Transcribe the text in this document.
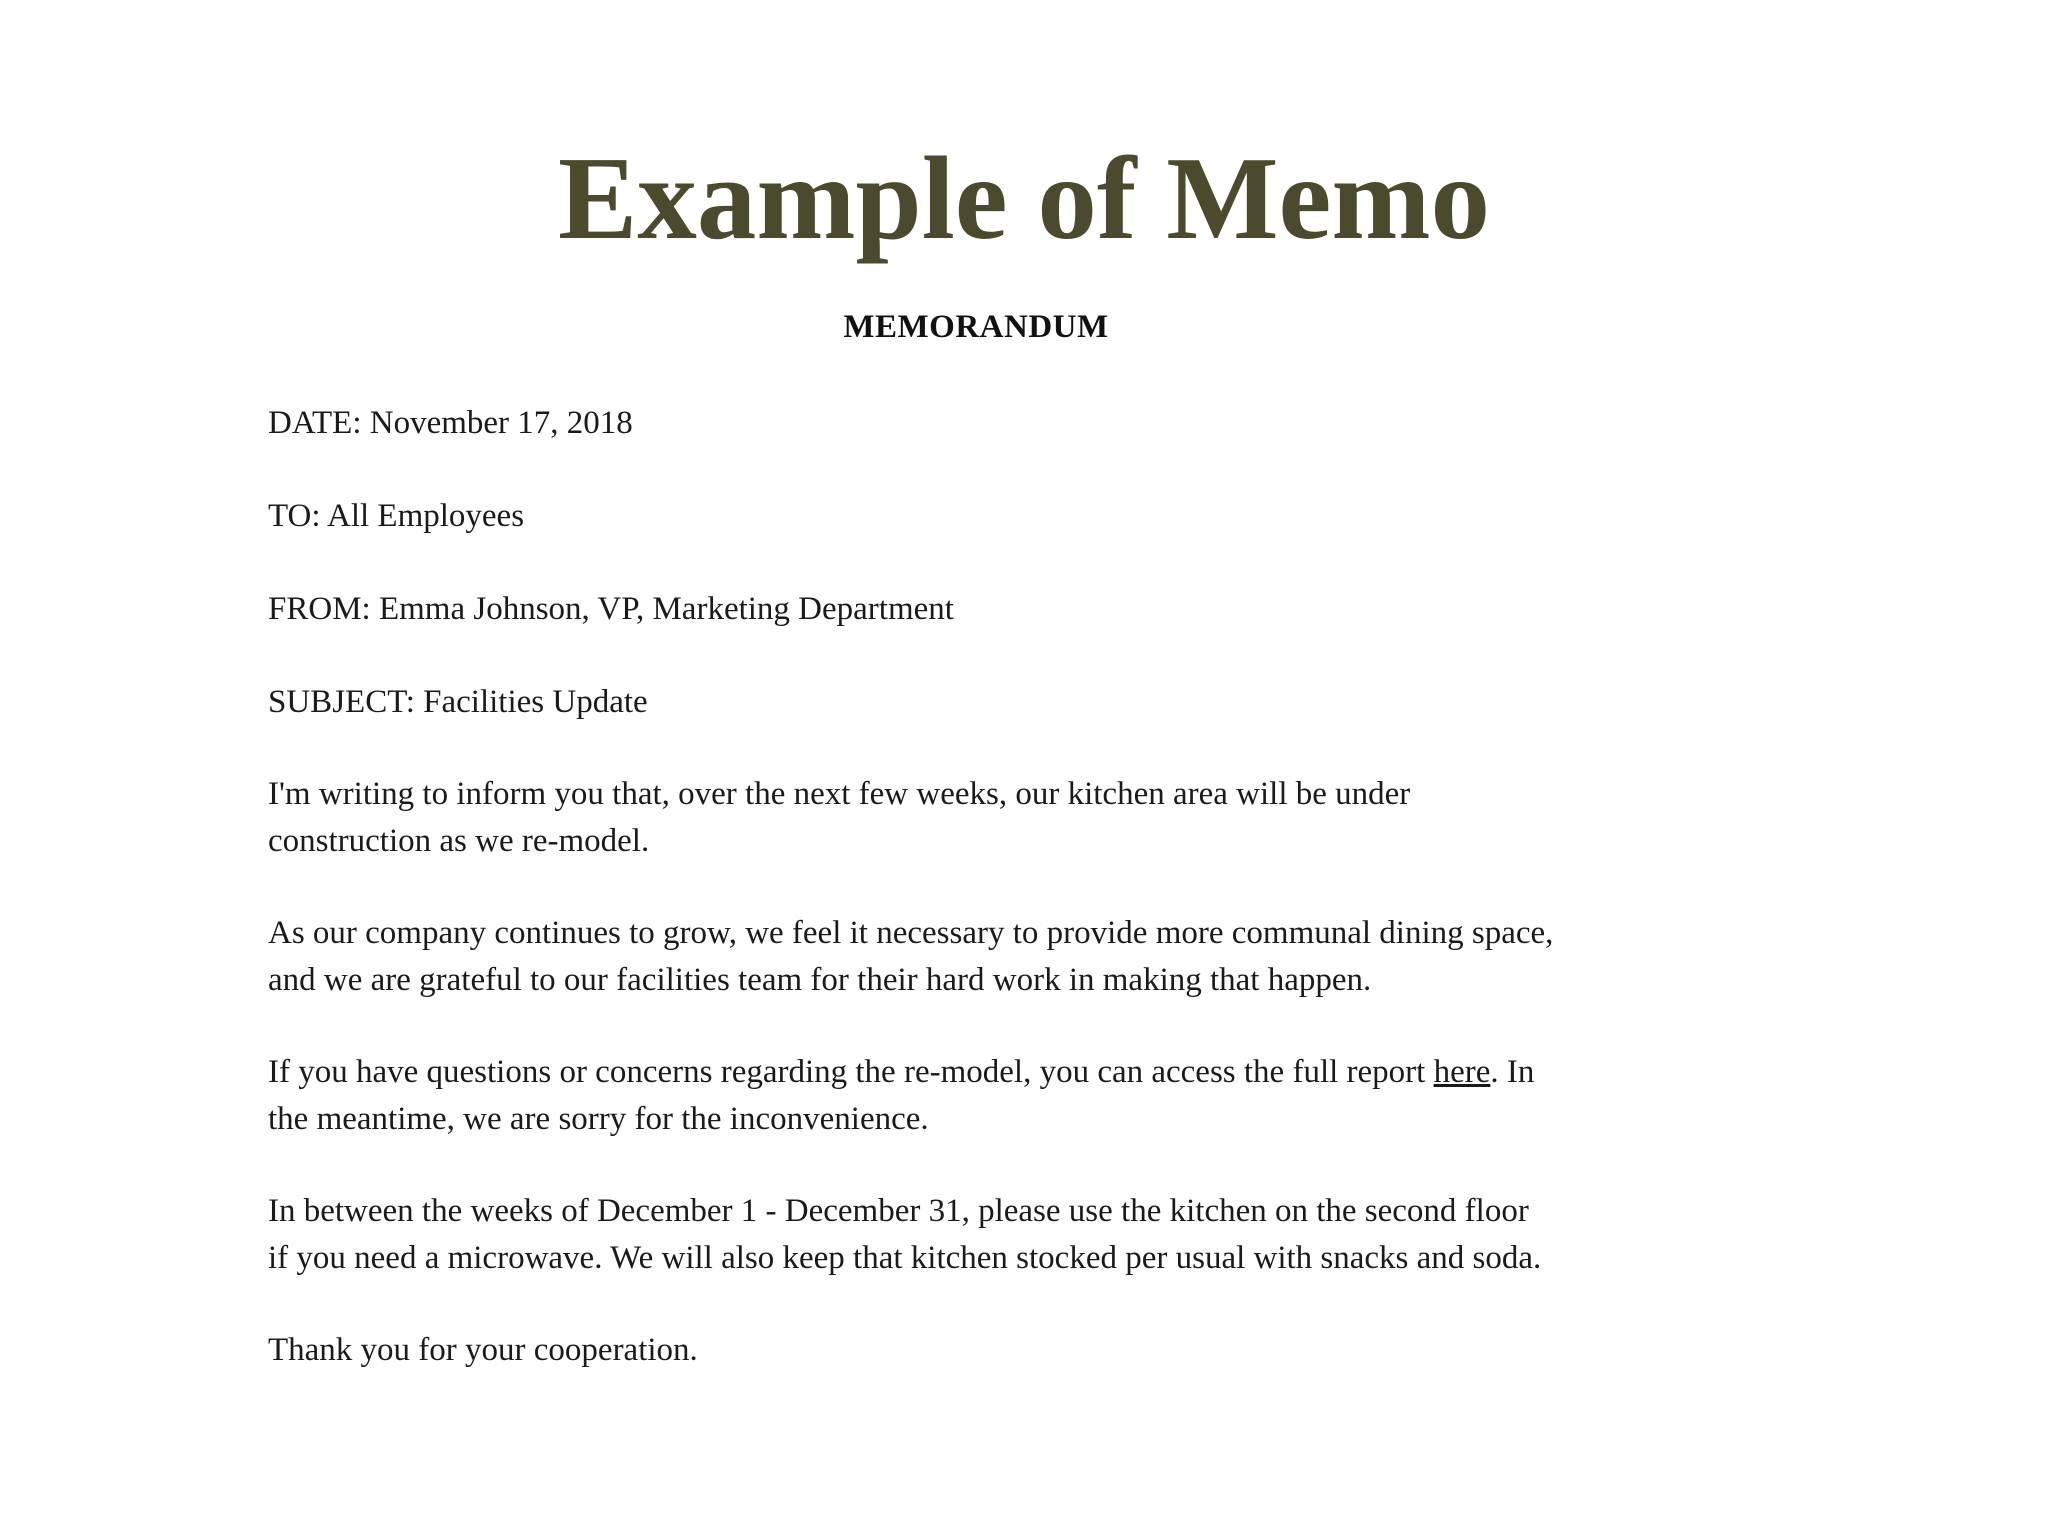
Example of Memo
MEMORANDUM
DATE: November 17, 2018
TO: All Employees
FROM: Emma Johnson, VP, Marketing Department
SUBJECT: Facilities Update
I'm writing to inform you that, over the next few weeks, our kitchen area will be under
construction as we re-model.
As our company continues to grow, we feel it necessary to provide more communal dining space,
and we are grateful to our facilities team for their hard work in making that happen.
If you have questions or concerns regarding the re-model, you can access the full report here. In
the meantime, we are sorry for the inconvenience.
In between the weeks of December 1 - December 31, please use the kitchen on the second floor
if you need a microwave. We will also keep that kitchen stocked per usual with snacks and soda.
Thank you for your cooperation.
